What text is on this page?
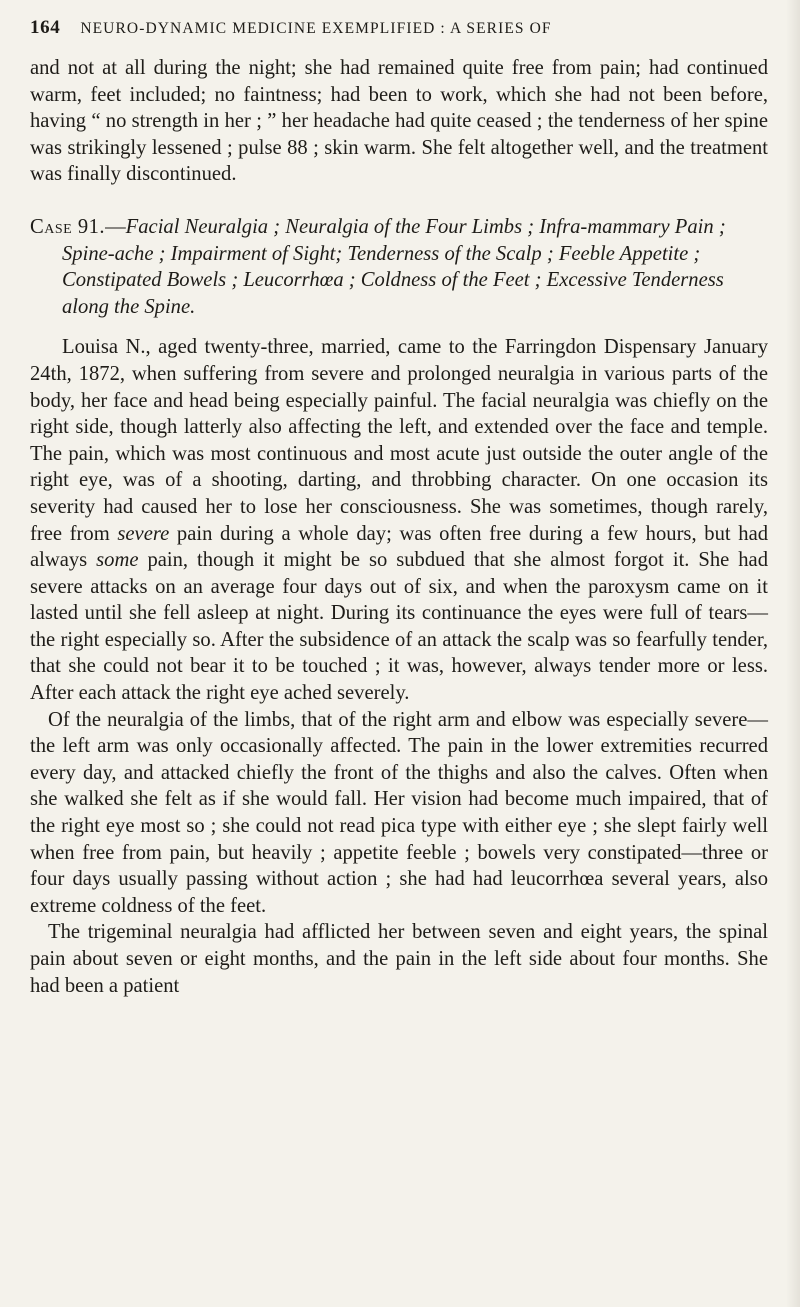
164 NEURO-DYNAMIC MEDICINE EXEMPLIFIED : A SERIES OF

and not at all during the night; she had remained quite free from pain; had continued warm, feet included; no faintness; had been to work, which she had not been before, having “ no strength in her ; ” her headache had quite ceased ; the tenderness of her spine was strikingly lessened ; pulse 88 ; skin warm. She felt altogether well, and the treatment was finally discontinued.

Case 91.—Facial Neuralgia ; Neuralgia of the Four Limbs ; Infra-mammary Pain ; Spine-ache ; Impairment of Sight; Tenderness of the Scalp ; Feeble Appetite ; Constipated Bowels ; Leucorrhœa ; Coldness of the Feet ; Excessive Tenderness along the Spine.

Louisa N., aged twenty-three, married, came to the Farringdon Dispensary January 24th, 1872, when suffering from severe and prolonged neuralgia in various parts of the body, her face and head being especially painful. The facial neuralgia was chiefly on the right side, though latterly also affecting the left, and extended over the face and temple. The pain, which was most continuous and most acute just outside the outer angle of the right eye, was of a shooting, darting, and throbbing character. On one occasion its severity had caused her to lose her consciousness. She was sometimes, though rarely, free from severe pain during a whole day; was often free during a few hours, but had always some pain, though it might be so subdued that she almost forgot it. She had severe attacks on an average four days out of six, and when the paroxysm came on it lasted until she fell asleep at night. During its continuance the eyes were full of tears—the right especially so. After the subsidence of an attack the scalp was so fearfully tender, that she could not bear it to be touched ; it was, however, always tender more or less. After each attack the right eye ached severely.

Of the neuralgia of the limbs, that of the right arm and elbow was especially severe—the left arm was only occasionally affected. The pain in the lower extremities recurred every day, and attacked chiefly the front of the thighs and also the calves. Often when she walked she felt as if she would fall. Her vision had become much impaired, that of the right eye most so ; she could not read pica type with either eye ; she slept fairly well when free from pain, but heavily ; appetite feeble ; bowels very constipated—three or four days usually passing without action ; she had had leucorrhœa several years, also extreme coldness of the feet.

The trigeminal neuralgia had afflicted her between seven and eight years, the spinal pain about seven or eight months, and the pain in the left side about four months. She had been a patient
